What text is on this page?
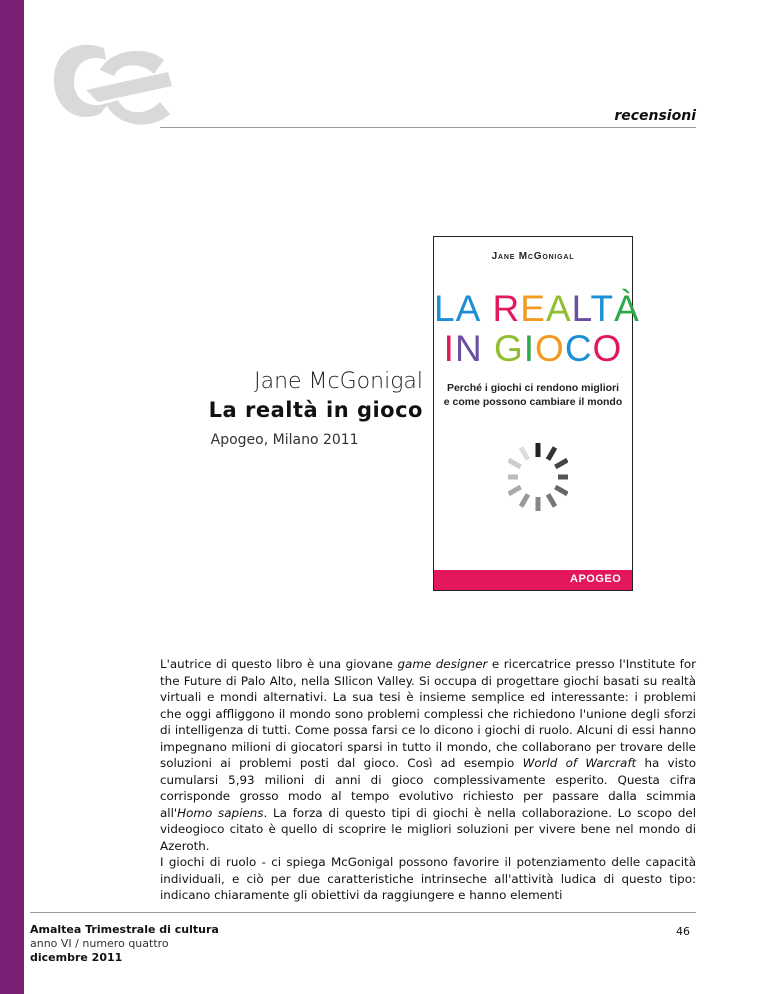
recensioni
Jane McGonigal
La realtà in gioco
Apogeo, Milano 2011
Jane McGonigal
LA REALTÀ
IN GIOCO
Perché i giochi ci rendono migliori
e come possono cambiare il mondo
APOGEO

L'autrice di questo libro è una giovane game designer e ricercatrice presso l'Institute for the Future di Palo Alto, nella SIlicon Valley. Si occupa di progettare giochi basati su realtà virtuali e mondi alternativi. La sua tesi è insieme semplice ed interessante: i problemi che oggi affliggono il mondo sono problemi complessi che richiedono l'unione degli sforzi di intelligenza di tutti. Come possa farsi ce lo dicono i giochi di ruolo. Alcuni di essi hanno impegnano milioni di giocatori sparsi in tutto il mondo, che collaborano per trovare delle soluzioni ai problemi posti dal gioco. Così ad esempio World of Warcraft ha visto cumularsi 5,93 milioni di anni di gioco complessivamente esperito. Questa cifra corrisponde grosso modo al tempo evolutivo richiesto per passare dalla scimmia all'Homo sapiens. La forza di questo tipi di giochi è nella collaborazione. Lo scopo del videogioco citato è quello di scoprire le migliori soluzioni per vivere bene nel mondo di Azeroth.

I giochi di ruolo - ci spiega McGonigal possono favorire il potenziamento delle capacità individuali, e ciò per due caratteristiche intrinseche all'attività ludica di questo tipo: indicano chiaramente gli obiettivi da raggiungere e hanno elementi

Amaltea Trimestrale di cultura
anno VI / numero quattro
dicembre 2011
46
